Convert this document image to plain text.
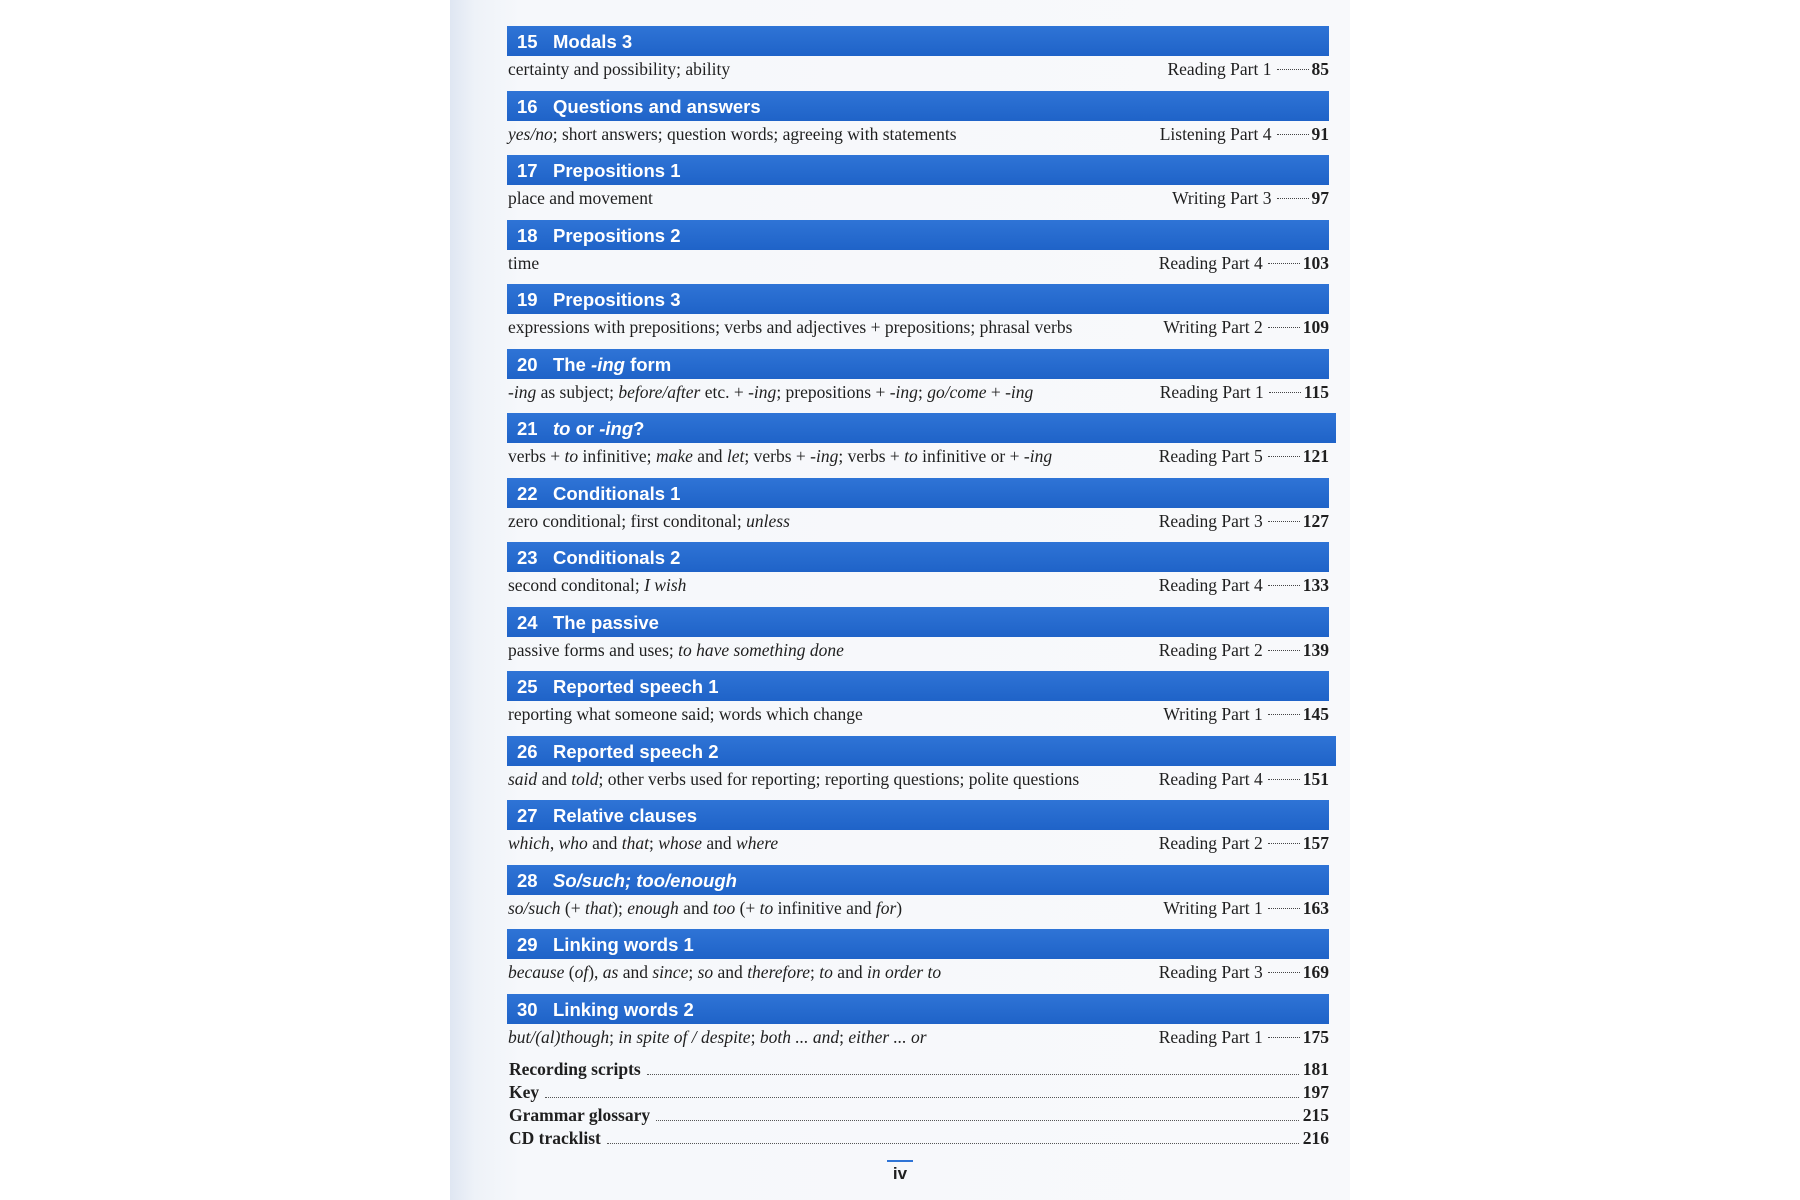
15 Modals 3
certainty and possibility; ability	Reading Part 1 85
16 Questions and answers
yes/no; short answers; question words; agreeing with statements	Listening Part 4 91
17 Prepositions 1
place and movement	Writing Part 3 97
18 Prepositions 2
time	Reading Part 4 103
19 Prepositions 3
expressions with prepositions; verbs and adjectives + prepositions; phrasal verbs	Writing Part 2 109
20 The -ing form
-ing as subject; before/after etc. + -ing; prepositions + -ing; go/come + -ing	Reading Part 1 115
21 to or -ing?
verbs + to infinitive; make and let; verbs + -ing; verbs + to infinitive or + -ing	Reading Part 5 121
22 Conditionals 1
zero conditional; first conditonal; unless	Reading Part 3 127
23 Conditionals 2
second conditonal; I wish	Reading Part 4 133
24 The passive
passive forms and uses; to have something done	Reading Part 2 139
25 Reported speech 1
reporting what someone said; words which change	Writing Part 1 145
26 Reported speech 2
said and told; other verbs used for reporting; reporting questions; polite questions	Reading Part 4 151
27 Relative clauses
which, who and that; whose and where	Reading Part 2 157
28 So/such; too/enough
so/such (+ that); enough and too (+ to infinitive and for)	Writing Part 1 163
29 Linking words 1
because (of), as and since; so and therefore; to and in order to	Reading Part 3 169
30 Linking words 2
but/(al)though; in spite of / despite; both ... and; either ... or	Reading Part 1 175
Recording scripts	181
Key	197
Grammar glossary	215
CD tracklist	216
iv
